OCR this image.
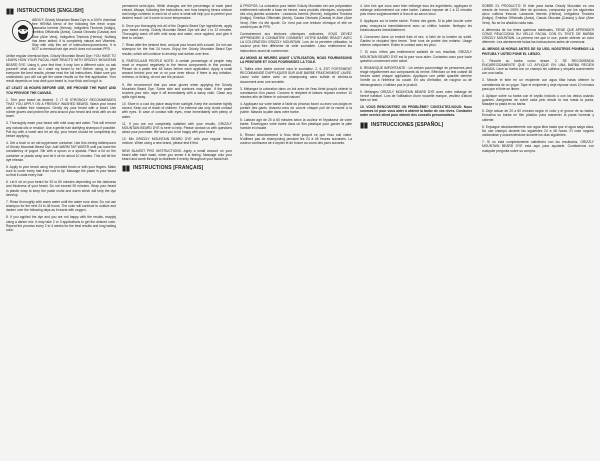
INSTRUCTIONS [ENGLISH]

ABOUT: Grizzly Mountain Beard Dye is a 100% chemical free HENNA blend of the following five fresh crops: Lawsonia Inermis (Henna), Indigofera Tinctoria (Indigo), Emblica Officinalis (Amla), Cassia Obovata (Cassia) and Aloe (Aloe Vera). Indigofera Tinctoria (Henna). Nothing has been added. It is completely natural and Vitamins. Stay with only this set of instructions/procedures. It is NOT a chemical hair dye and it does not contain PPD.

Unlike regular chemical dyes, Grizzly Mountain Beard Dye: YOU HAVE TO LEARN HOW YOUR FACIAL HAIR REACTS WITH GRIZZLY MOUNTAIN BEARD DYE. Using it, your first time, it may turn a different color, so ask yourself: what color do I want my beard to be? Before using, to give everyone the best results, please read the full instructions. Make sure you understand, you will not get the same results on the first application. Your result depends on how dark your beard is, how thick and long it is.

AT LEAST 48 HOURS BEFORE USE, WE PROVIDE THE PAINT AND YOU PROVIDE THE CANVAS.

1. Trim your beard as desired. 2. IT IS STRONGLY RECOMMENDED THAT YOU APPLY ON A FRESHLY WASHED BEARD. Wash your beard with a sulfate free shampoo. Gently dry your beard with a towel. Use rubber gloves and protect the area around your beard and neck with an old towel.

3. Thoroughly wash your beard with mild soap and water. This will remove any natural oils or residue. Use a gentle hair clarifying shampoo if possible. Pat dry with a towel and let air dry, your beard should be completely dry before applying.

4. Get a bowl or an old tupperware container. Use this mixing tablespoons of Grizzly Mountain Beard Dye. Add WARM TAP WATER until you have the consistency of yogurt. Stir with a spoon or a spatula. Place a lid on the container or plastic wrap and let it sit for about 10 minutes. This will let the dye release.

5. Apply to your beard using the provided brush or with your fingers. Make sure to cover every hair from root to tip. Massage the paste in your beard so that it coats every hair.

6. Let it sit on your beard for 20 to 60 minutes depending on the darkness and thickness of your beard. Do not exceed 90 minutes. Wrap your beard in plastic wrap to keep the paste moist and warm which will help the dye develop.

7. Rinse thoroughly with warm water until the water runs clear. Do not use shampoo for the next 24 to 48 hours. The color will continue to oxidize and darken over the following days as it reacts with oxygen.

8. If you applied the dye and you are not happy with the results, reapply using a darker mix. It may take 2 or 3 applications to get the desired color. Repeat the process every 2 to 4 weeks for the best results and long lasting color.

permanent semi-dyes. While changes are the percentage of each plant extract. Always, following the instructions, see how keeping henna mixture and indigo contents in each lot of color is what will help you to perfect your desired result. Let it come to room temperature.

6. Once you thoroughly mix all of the Organic Beard Dye ingredients, apply your beard evenly. Grizzly Mountain Beard Dye will last 1 to 12 minutes. Thoroughly wash off with mild soap and water, once applied, and give it time to oxidize.

7. Rinse after the desired time, and pat your beard with a towel. Do not use shampoo for the first 24 hours. Enjoy the Grizzly Mountain Beard Dye results, which will continue to develop and darken over time.

8. PARTICULAR PEOPLE NOTE: A certain percentage of people may react or respond negatively to the henna components in this product. Please do a patch test 48 hours before each application. Apply a small amount behind your ear or on your inner elbow. If there is any irritation, redness, or itching, do not use the product.

9. We recommend that you wear gloves when applying the Grizzly Mountain Beard Dye. Some skin and surfaces may stain. If the paste touches your skin, wipe it off immediately with a damp cloth. Clean any spills right away.

10. Store in a cool dry place away from sunlight. Keep the container tightly closed. Keep out of reach of children. For external use only. Avoid contact with eyes. In case of contact with eyes, rinse immediately with plenty of water.

11. If you are not completely satisfied with your results, GRIZZLY MOUNTAIN BEARD DYE is here to help. Please contact us with questions about your purchase. We want you to be happy with your beard.

12. Mix GRIZZLY MOUNTAIN BEARD DYE with your regular henna mixture. When using a new brand, please test it first.

NEW BLAISST PRO INSTRUCTIONS: Apply a small amount on your beard after each wash, when you sense it is fading. Massage onto your beard and comb through to distribute it evenly throughout your facial hair.

INSTRUCTIONS [FRANÇAIS]

À PROPOS: La coloration pour barbe Grizzly Mountain est une préparation entièrement naturelle à base de henné, sans produits chimiques, composée des cinq plantes suivantes : Lawsonia Inermis (Henné), Indigofera Tinctoria (Indigo), Emblica Officinalis (Amla), Cassia Obovata (Cassia) et Aloe (Aloe Vera). Rien n'a été ajouté. Ce n'est pas une teinture chimique et elle ne contient pas de PPD.

Contrairement aux teintures chimiques ordinaires, VOUS DEVEZ APPRENDRE À CONNAÎTRE COMMENT VOTRE BARBE RÉAGIT AVEC LA COLORATION GRIZZLY MOUNTAIN. Lors de la première utilisation, la couleur peut être différente de celle souhaitée. Lisez entièrement les instructions avant de commencer.

AU MOINS 48 HEURES AVANT L'UTILISATION, NOUS FOURNISSONS LA PEINTURE ET VOUS FOURNISSEZ LA TOILE.

1. Taillez votre barbe comme vous le souhaitez. 2. IL EST FORTEMENT RECOMMANDÉ D'APPLIQUER SUR UNE BARBE FRAÎCHEMENT LAVÉE. Lavez votre barbe avec un shampooing sans sulfate et séchez-la doucement avec une serviette.

3. Mélangez la coloration dans un bol avec de l'eau tiède jusqu'à obtenir la consistance d'un yaourt. Couvrez le récipient et laissez reposer environ 10 minutes afin de libérer le colorant naturel.

4. Appliquez sur votre barbe à l'aide du pinceau fourni ou avec vos doigts en portant des gants. Assurez-vous de couvrir chaque poil de la racine à la pointe. Massez la pâte dans votre barbe.

5. Laissez agir de 20 à 60 minutes selon la couleur et l'épaisseur de votre barbe. Enveloppez votre barbe dans un film plastique pour garder la pâte humide et chaude.

6. Rincez abondamment à l'eau tiède jusqu'à ce que l'eau soit claire. N'utilisez pas de shampooing pendant les 24 à 48 heures suivantes. La couleur continuera de s'oxyder et de foncer au cours des jours suivants.

4. Une fois que vous avez bien mélangé tous les ingrédients, appliquez le mélange uniformément sur votre barbe. Laissez reposer de 1 à 12 minutes puis rincez soigneusement à l'eau et au savon doux.

5. Appliquez sur la barbe sèche. Portez des gants. Si la pâte touche votre peau, essuyez-la immédiatement avec un chiffon humide. Nettoyez les éclaboussures immédiatement.

6. Conservez dans un endroit frais et sec, à l'abri de la lumière du soleil. Gardez le récipient bien fermé. Tenir hors de portée des enfants. Usage externe uniquement. Évitez le contact avec les yeux.

7. Si vous n'êtes pas entièrement satisfait de vos résultats, GRIZZLY MOUNTAIN BEARD DYE est là pour vous aider. Contactez-nous pour toute question concernant votre achat.

8. REMARQUE IMPORTANTE : Un certain pourcentage de personnes peut réagir négativement aux composants du henné. Effectuez un test cutané 48 heures avant chaque application. Appliquez une petite quantité derrière l'oreille ou à l'intérieur du coude. En cas d'irritation, de rougeur ou de démangeaison, n'utilisez pas le produit.

9. Mélangez GRIZZLY MOUNTAIN BEARD DYE avec votre mélange de henné habituel. Lors de l'utilisation d'une nouvelle marque, veuillez d'abord faire un test.

10. VOUS RENCONTREZ UN PROBLÈME? CONTACTEZ-NOUS: Nous sommes ici pour vous aider à obtenir la barbe de vos rêves. Contactez notre service client pour obtenir des conseils personnalisés.

INSTRUCCIONES [ESPAÑOL]

SOBRE EL PRODUCTO: El tinte para barba Grizzly Mountain es una mezcla de henna 100% libre de químicos, compuesta por los siguientes cinco cultivos frescos: Lawsonia Inermis (Henna), Indigofera Tinctoria (Índigo), Emblica Officinalis (Amla), Cassia Obovata (Cassia) y Aloe (Aloe Vera). No se ha añadido nada más.

A diferencia de los tintes químicos habituales, TIENE QUE APRENDER CÓMO REACCIONA SU VELLO FACIAL CON EL TINTE DE BARBA GRIZZLY MOUNTAIN. La primera vez que lo use, puede obtener un color diferente. Lea atentamente todas las instrucciones antes de comenzar.

AL MENOS 48 HORAS ANTES DE SU USO, NOSOTROS PONEMOS LA PINTURA Y USTED PONE EL LIENZO.

1. Recorte su barba como desee. 2. SE RECOMIENDA ENCARECIDAMENTE QUE LO APLIQUE EN UNA BARBA RECIÉN LAVADA. Lave su barba con un champú sin sulfatos y séquela suavemente con una toalla.

3. Mezcle el tinte en un recipiente con agua tibia hasta obtener la consistencia de un yogur. Tape el recipiente y deje reposar unos 10 minutos para que el tinte se libere.

4. Aplique sobre su barba con el cepillo incluido o con los dedos usando guantes. Asegúrese de cubrir cada pelo desde la raíz hasta la punta. Masajee la pasta en su barba.

5. Deje actuar de 20 a 60 minutos según el color y el grosor de su barba. Envuelva su barba en film plástico para mantener la pasta húmeda y caliente.

6. Enjuague abundantemente con agua tibia hasta que el agua salga clara. No use champú durante las siguientes 24 a 48 horas. El color seguirá oxidándose y oscureciéndose durante los días siguientes.

7. Si no está completamente satisfecho con los resultados, GRIZZLY MOUNTAIN BEARD DYE está aquí para ayudarle. Contáctenos con cualquier pregunta sobre su compra.
